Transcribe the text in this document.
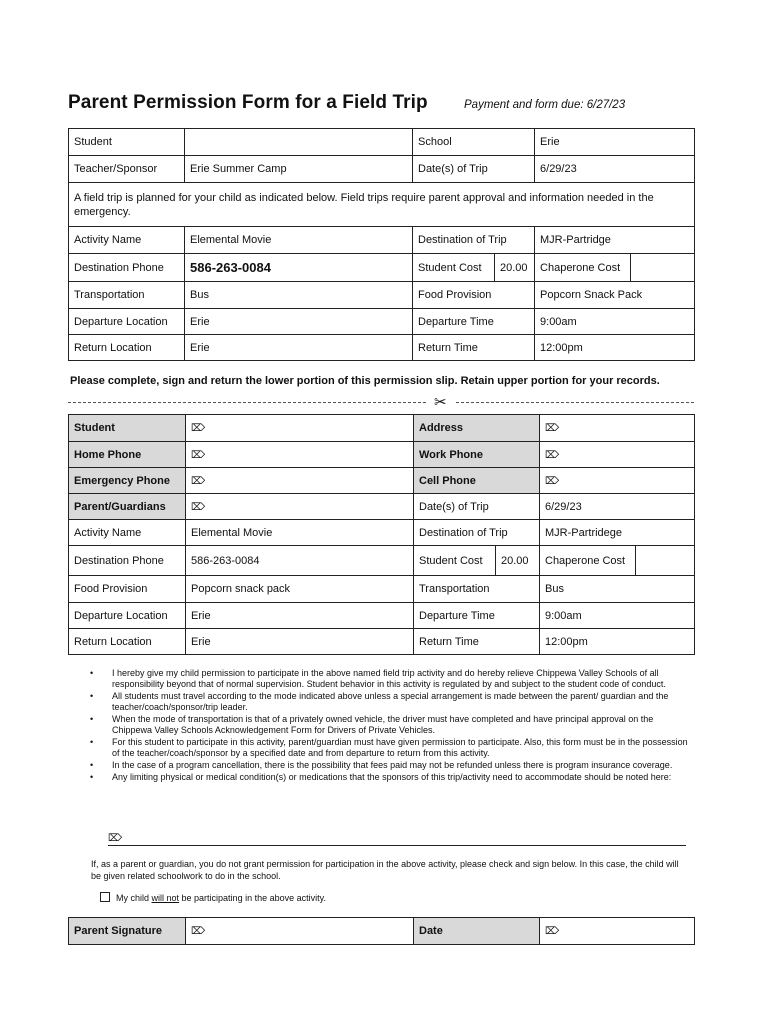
Parent Permission Form for a Field Trip	Payment and form due: 6/27/23
Student		School		Erie	
Teacher/Sponsor	Erie Summer Camp	Date(s) of Trip		6/29/23	
A field trip is planned for your child as indicated below. Field trips require parent approval and information needed in the emergency.					
Activity Name	Elemental Movie	Destination of Trip		MJR-Partridge	
Destination Phone	586-263-0084	Student Cost	20.00	Chaperone Cost	
Transportation	Bus	Food Provision		Popcorn Snack Pack	
Departure Location	Erie	Departure Time		9:00am	
Return Location	Erie	Return Time		12:00pm	
Please complete, sign and return the lower portion of this permission slip. Retain upper portion for your records.
✂
Student	⌦	Address		⌦	
Home Phone	⌦	Work Phone		⌦	
Emergency Phone	⌦	Cell Phone		⌦	
Parent/Guardians	⌦	Date(s) of Trip		6/29/23	
Activity Name	Elemental Movie	Destination of Trip		MJR-Partridege	
Destination Phone	586-263-0084	Student Cost	20.00	Chaperone Cost	
Food Provision	Popcorn snack pack	Transportation		Bus	
Departure Location	Erie	Departure Time		9:00am	
Return Location	Erie	Return Time		12:00pm	
• I hereby give my child permission to participate in the above named field trip activity and do hereby relieve Chippewa Valley Schools of all responsibility beyond that of normal supervision. Student behavior in this activity is regulated by and subject to the student code of conduct.
• All students must travel according to the mode indicated above unless a special arrangement is made between the parent/ guardian and the teacher/coach/sponsor/trip leader.
• When the mode of transportation is that of a privately owned vehicle, the driver must have completed and have principal approval on the Chippewa Valley Schools Acknowledgement Form for Drivers of Private Vehicles.
• For this student to participate in this activity, parent/guardian must have given permission to participate. Also, this form must be in the possession of the teacher/coach/sponsor by a specified date and from departure to return from this activity.
• In the case of a program cancellation, there is the possibility that fees paid may not be refunded unless there is program insurance coverage.
• Any limiting physical or medical condition(s) or medications that the sponsors of this trip/activity need to accommodate should be noted here:
⌦
If, as a parent or guardian, you do not grant permission for participation in the above activity, please check and sign below. In this case, the child will be given related schoolwork to do in the school.
My child will not be participating in the above activity.
Parent Signature	⌦	Date	⌦
